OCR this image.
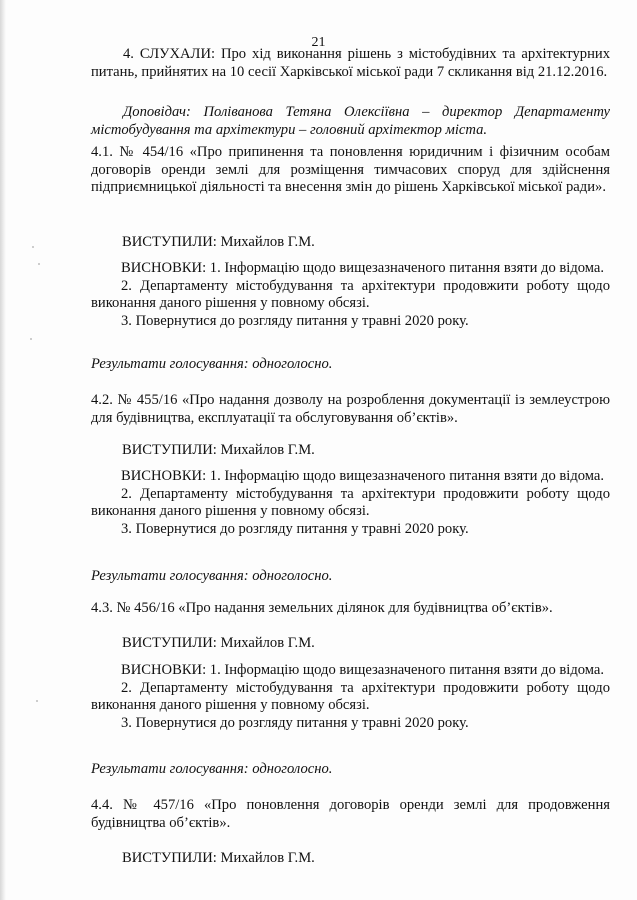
21

4. СЛУХАЛИ: Про хід виконання рішень з містобудівних та архітектурних питань, прийнятих на 10 сесії Харківської міської ради 7 скликання від 21.12.2016.

Доповідач: Поліванова Тетяна Олексіївна – директор Департаменту містобудування та архітектури – головний архітектор міста.

4.1. № 454/16 «Про припинення та поновлення юридичним і фізичним особам договорів оренди землі для розміщення тимчасових споруд для здійснення підприємницької діяльності та внесення змін до рішень Харківської міської ради».

ВИСТУПИЛИ: Михайлов Г.М.

ВИСНОВКИ: 1. Інформацію щодо вищезазначеного питання взяти до відома.

2. Департаменту містобудування та архітектури продовжити роботу щодо виконання даного рішення у повному обсязі.

3. Повернутися до розгляду питання у травні 2020 року.

Результати голосування: одноголосно.

4.2. № 455/16 «Про надання дозволу на розроблення документації із землеустрою для будівництва, експлуатації та обслуговування об’єктів».

ВИСТУПИЛИ: Михайлов Г.М.

ВИСНОВКИ: 1. Інформацію щодо вищезазначеного питання взяти до відома.

2. Департаменту містобудування та архітектури продовжити роботу щодо виконання даного рішення у повному обсязі.

3. Повернутися до розгляду питання у травні 2020 року.

Результати голосування: одноголосно.

4.3. № 456/16 «Про надання земельних ділянок для будівництва об’єктів».

ВИСТУПИЛИ: Михайлов Г.М.

ВИСНОВКИ: 1. Інформацію щодо вищезазначеного питання взяти до відома.

2. Департаменту містобудування та архітектури продовжити роботу щодо виконання даного рішення у повному обсязі.

3. Повернутися до розгляду питання у травні 2020 року.

Результати голосування: одноголосно.

4.4. № 457/16 «Про поновлення договорів оренди землі для продовження будівництва об’єктів».

ВИСТУПИЛИ: Михайлов Г.М.
